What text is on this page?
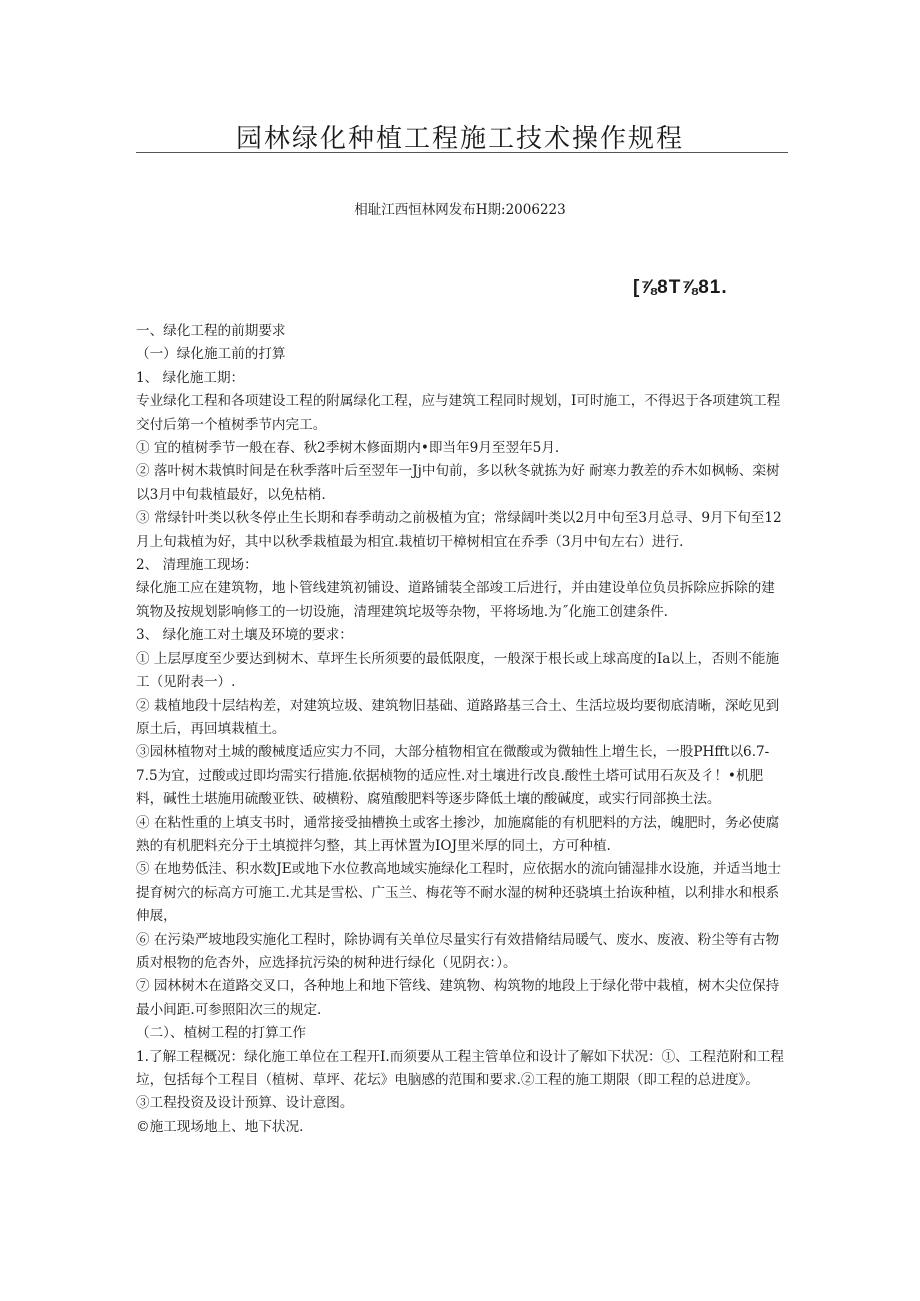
园林绿化种植工程施工技术操作规程
相耻江西恒林网发布H期:2006223
[⅞8T⅞81.

一、绿化工程的前期要求

（一）绿化施工前的打算

1、 绿化施工期：

专业绿化工程和各项建设工程的附属绿化工程，应与建筑工程同时规划，I可时施工，不得迟于各项建筑工程交付后第一个植树季节内完工。

① 宜的植树季节一般在春、秋2季树木修面期内•即当年9月至翌年5月.

② 落叶树木栽慎时间是在秋季落叶后至翌年一Jj中旬前，多以秋冬就拣为好 耐寒力教差的乔木如枫畅、栾树以3月中旬栽植最好，以免枯梢.

③ 常绿针叶类以秋冬停止生长期和春季萌动之前极植为宜；常绿阔叶类以2月中旬至3月总寻、9月下旬至12月上旬栽植为好，其中以秋季栽植最为相宜.栽植切干樟树相宜在乔季（3月中旬左右）进行.

2、 清理施工现场：

绿化施工应在建筑物，地卜管线建筑初铺设、道路铺装全部竣工后进行，并由建设单位负员拆除应拆除的建筑物及按规划影响修工的一切设施，清理建筑坨圾等杂物，平将场地.为˝化施工创建条件.

3、 绿化施工对土壤及环境的要求：

① 上层厚度至少要达到树木、草坪生长所须要的最低限度，一般深于根长或上球高度的Ia以上，否则不能施工（见附表一）.

② 栽植地段十层结构差，对建筑垃圾、建筑物旧基础、道路路基三合土、生活垃圾均要彻底清晰，深屹见到原土后，再回填栽植土。

③园林植物对土城的酸械度适应实力不同，大部分植物相宜在微酸或为微轴性上增生长，一股PHfft以6.7-7.5为宜，过酸或过即均需实行措施.依据桢物的适应性.对土壤进行改良.酸性土塔可试用石灰及彳！•机肥料，碱性土堪施用硫酸亚铁、破横粉、腐殖酸肥料等逐步降低土壤的酸碱度，或实行同部换土法。

④ 在粘性重的上填支书时，通常接受抽槽换土或客土掺沙，加施腐能的有机肥料的方法，魄肥时，务必使腐熟的有机肥料充分于土填搅拌匀整，其上再怵置为IOJ里米厚的同土，方可种植.

⑤ 在地势低洼、积水数JE或地下水位教高地域实施绿化工程时，应依据水的流向铺湿排水设施，并适当地士提育树穴的标高方可施工.尤其是雪松、广玉兰、梅花等不耐水湿的树种还骁填土抬诙种植，以利排水和根系伸展，

⑥ 在污染严坡地段实施化工程时，除协调有关单位尽量实行有效措脩结局暖气、废水、废液、粉尘等有古物质对根物的危杏外，应选择抗污染的树种进行绿化（见阴衣：）。

⑦ 园林树木在道路交叉口，各种地上和地下管线、建筑物、构筑物的地段上于绿化带中栽植，树木尖位保持最小间距.可参照阳次三的规定.

（二）、植树工程的打算工作

1.了解工程概况：绿化施工单位在工程开I.而须要从工程主管单位和设计了解如下状况：①、工程范附和工程垃，包括每个工程目（植树、草坪、花坛》电脑感的范围和要求.②工程的施工期限（即工程的总进度》。

③工程投资及设计预算、设计意图。

©施工现场地上、地下状况.
